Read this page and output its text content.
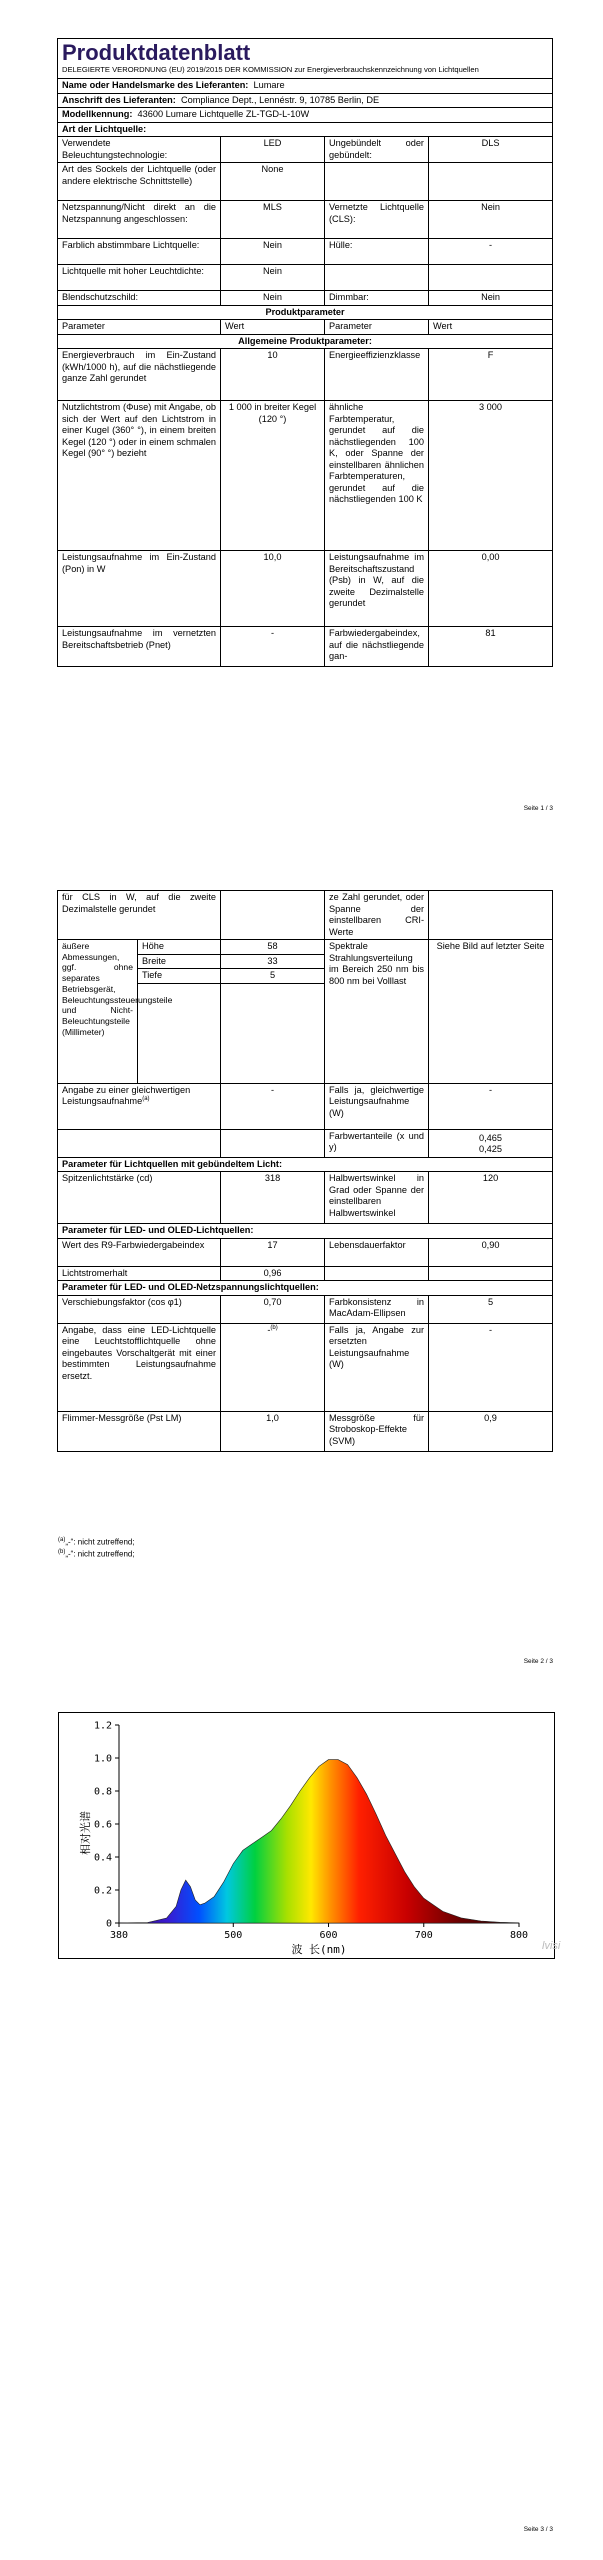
Produktdatenblatt
DELEGIERTE VERORDNUNG (EU) 2019/2015 DER KOMMISSION zur Energieverbrauchskennzeichnung von Lichtquellen			

Name oder Handelsmarke des Lieferanten: Lumare			
Anschrift des Lieferanten: Compliance Dept., Lennéstr. 9, 10785 Berlin, DE			
Modellkennung: 43600 Lumare Lichtquelle ZL-TGD-L-10W			
Art der Lichtquelle:			
Verwendete Beleuchtungstechnologie:	LED	Ungebündelt oder gebündelt:	DLS
Art des Sockels der Lichtquelle (oder andere elektrische Schnittstelle)	None		
Netzspannung/Nicht direkt an die Netzspannung angeschlossen:	MLS	Vernetzte Lichtquelle (CLS):	Nein
Farblich abstimmbare Lichtquelle:	Nein	Hülle:	-
Lichtquelle mit hoher Leuchtdichte:	Nein		
Blendschutzschild:	Nein	Dimmbar:	Nein
Produktparameter			
Parameter	Wert	Parameter	Wert
Allgemeine Produktparameter:			
Energieverbrauch im Ein-Zustand (kWh/1000 h), auf die nächstliegende ganze Zahl gerundet	10	Energieeffizienzklasse	F
Nutzlichtstrom (Φuse) mit Angabe, ob sich der Wert auf den Lichtstrom in einer Kugel (360° °), in einem breiten Kegel (120 °) oder in einem schmalen Kegel (90° °) bezieht	1 000 in breiter Kegel (120 °)	ähnliche Farbtemperatur, gerundet auf die nächstliegenden 100 K, oder Spanne der einstellbaren ähnlichen Farbtemperaturen, gerundet auf die nächstliegenden 100 K	3 000
Leistungsaufnahme im Ein-Zustand (Pon) in W	10,0	Leistungsaufnahme im Bereitschaftszustand (Psb) in W, auf die zweite Dezimalstelle gerundet	0,00
Leistungsaufnahme im vernetzten Bereitschaftsbetrieb (Pnet)	-	Farbwiedergabeindex, auf die nächstliegende gan-	81
Seite 1 / 3
für CLS in W, auf die zweite Dezimalstelle gerundet			ze Zahl gerundet, oder Spanne der einstellbaren CRI-Werte	
äußere Abmessungen, ggf. ohne separates Betriebsgerät, Beleuchtungssteuerungsteile und Nicht-Beleuchtungsteile (Millimeter)	Höhe	58	Spektrale Strahlungsverteilung im Bereich 250 nm bis 800 nm bei Volllast	Siehe Bild auf letzter Seite
	Breite	33		
	Tiefe	5		

Angabe zu einer gleichwertigen Leistungsaufnahme$^{(a)}$		-	Falls ja, gleichwertige Leistungsaufnahme (W)	-
			Farbwertanteile (x und y)	0,465
0,425

Parameter für Lichtquellen mit gebündeltem Licht:				
Spitzenlichtstärke (cd)		318	Halbwertswinkel in Grad oder Spanne der einstellbaren Halbwertswinkel	120
Parameter für LED- und OLED-Lichtquellen:				
Wert des R9-Farbwiedergabeindex		17	Lebensdauerfaktor	0,90
Lichtstromerhalt		0,96		
Parameter für LED- und OLED-Netzspannungslichtquellen:				
Verschiebungsfaktor (cos φ1)		0,70	Farbkonsistenz in MacAdam-Ellipsen	5
Angabe, dass eine LED-Lichtquelle eine Leuchtstofflichtquelle ohne eingebautes Vorschaltgerät mit einer bestimmten Leistungsaufnahme ersetzt.		-$^{(b)}$	Falls ja, Angabe zur ersetzten Leistungsaufnahme (W)	-
Flimmer-Messgröße (Pst LM)		1,0	Messgröße für Stroboskop-Effekte (SVM)	0,9
$^{(a)}$„-“: nicht zutreffend;
$^{(b)}$„-“: nicht zutreffend;
Seite 2 / 3
0
0.2
0.4
0.6
0.8
1.0
1.2
380	500	600	700	800
相对光谱
波 长(nm)	lvisi
Seite 3 / 3
